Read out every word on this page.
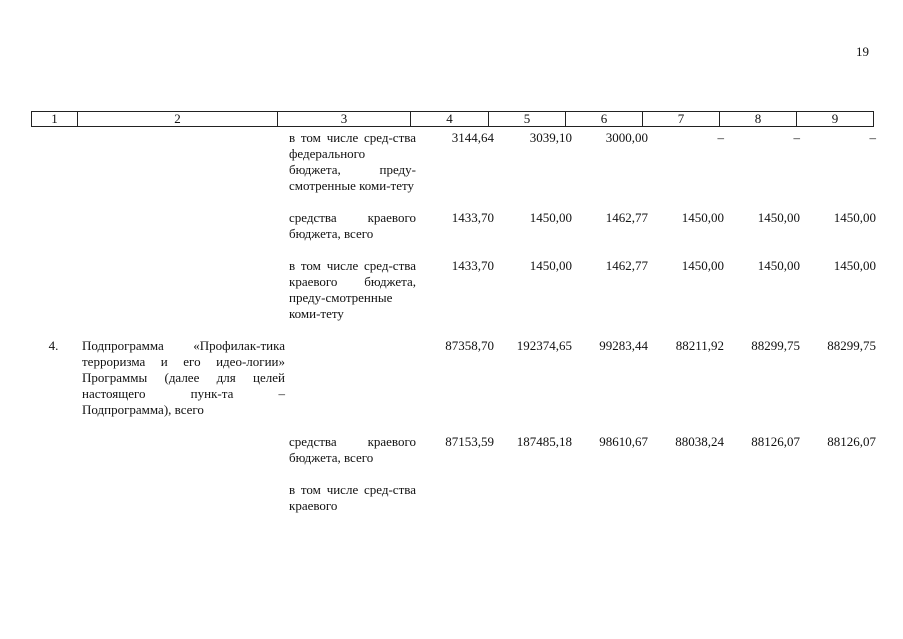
19
1	2	3	4	5	6	7	8	9
		в том числе сред-ства федерального бюджета, преду-смотренные коми-тету	3144,64	3039,10	3000,00	–	–	–

		средства краевого бюджета, всего	1433,70	1450,00	1462,77	1450,00	1450,00	1450,00

		в том числе сред-ства краевого бюджета, преду-смотренные коми-тету	1433,70	1450,00	1462,77	1450,00	1450,00	1450,00

4.	Подпрограмма «Профилак-тика терроризма и его идео-логии» Программы (далее для целей настоящего пунк-та – Подпрограмма), всего		87358,70	192374,65	99283,44	88211,92	88299,75	88299,75

		средства краевого бюджета, всего	87153,59	187485,18	98610,67	88038,24	88126,07	88126,07

		в том числе сред-ства краевого						
